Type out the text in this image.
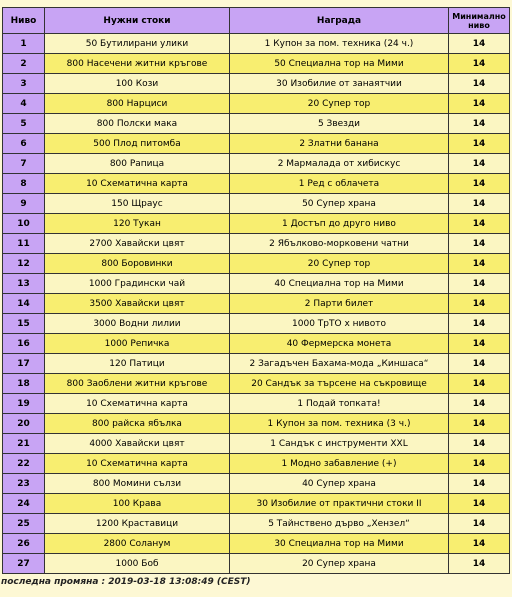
Ниво	Нужни стоки	Награда	Минимално
ниво
1	50 Бутилирани улики	1 Купон за пом. техника (24 ч.)	14
2	800 Насечени житни кръгове	50 Специална тор на Мими	14
3	100 Кози	30 Изобилие от занаятчии	14
4	800 Нарциси	20 Супер тор	14
5	800 Полски мака	5 Звезди	14
6	500 Плод питомба	2 Златни банана	14
7	800 Рапица	2 Мармалада от хибискус	14
8	10 Схематична карта	1 Ред с облачета	14
9	150 Щраус	50 Супер храна	14
10	120 Тукан	1 Достъп до друго ниво	14
11	2700 Хавайски цвят	2 Ябълково-морковени чатни	14
12	800 Боровинки	20 Супер тор	14
13	1000 Градински чай	40 Специална тор на Мими	14
14	3500 Хавайски цвят	2 Парти билет	14
15	3000 Водни лилии	1000 ТрТО х нивото	14
16	1000 Репичка	40 Фермерска монета	14
17	120 Патици	2 Загадъчен Бахама-мода „Киншаса“	14
18	800 Заоблени житни кръгове	20 Сандък за търсене на съкровище	14
19	10 Схематична карта	1 Подай топката!	14
20	800 райска ябълка	1 Купон за пом. техника (3 ч.)	14
21	4000 Хавайски цвят	1 Сандък с инструменти XXL	14
22	10 Схематична карта	1 Модно забавление (+)	14
23	800 Момини сълзи	40 Супер храна	14
24	100 Крава	30 Изобилие от практични стоки II	14
25	1200 Краставици	5 Тайнствено дърво „Хензел“	14
26	2800 Соланум	30 Специална тор на Мими	14
27	1000 Боб	20 Супер храна	14
последна промяна : 2019-03-18 13:08:49 (CEST)
